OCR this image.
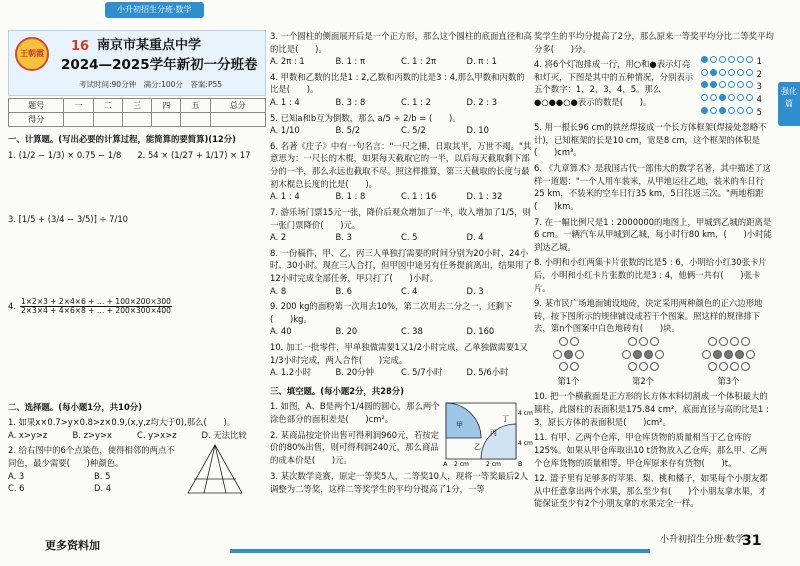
小升初招生分班·数学
王朝霞	16 南京市某重点中学
2024—2025学年新初一分班卷
考试时间:90分钟　满分:100分　答案:P55
题号	一	二	三	四	五	总分
得分						
一、计算题。(写出必要的计算过程，能简算的要简算)(12分)
1. (1/2 − 1/3) × 0.75 − 1/8 2. 54 × (1/27 + 1/17) × 17
3. [1/5 + (3/4 − 3/5)] ÷ 7/10
4. $\frac{1\times 2\times 3 + 2\times 4\times 6 + \dots + 100\times 200\times 300}{2\times 3\times 4 + 4\times 6\times 8 + \dots + 200\times 300\times 400}$
二、选择题。(每小题1分，共10分)
1. 如果x×0.7>y×0.8>z×0.9,(x,y,z均大于0),那么(　　)。
A. x>y>z	B. z>y>x	C. y>x>z	D. 无法比较
2. 给右图中的6个点染色，使得相邻的两点不同色，最少需要(　　)种颜色。
A. 3	B. 5
C. 6	D. 4
3. 一个圆柱的侧面展开后是一个正方形，那么这个圆柱的底面直径和高的比是(　　)。
A. 2π : 1	B. 1 : π	C. 1 : 2π	D. π : 1
4. 甲数和乙数的比是1 : 2,乙数和丙数的比是3 : 4,那么甲数和丙数的比是(　　)。
A. 1 : 4	B. 3 : 8	C. 1 : 2	D. 2 : 3
5. 已知a和b互为倒数，那么 a/5 ÷ 2/b = (　　)。
A. 1/10	B. 5/2	C. 5/2	D. 10
6. 名著《庄子》中有一句名言："一尺之棰，日取其半，万世不竭。"其意思为：一尺长的木棍，如果每天截取它的一半，以后每天截取剩下部分的一半，那么永远也截取不尽。照这样推算，第三天截取的长度与最初木棍总长度的比是(　　)。
A. 1 : 4	B. 1 : 8	C. 1 : 16	D. 1 : 32
7. 游乐场门票15元一张，降价后观众增加了一半，收入增加了1/5，则一张门票降价(　　)元。
A. 2	B. 3	C. 5	D. 4
8. 一份稿件，甲、乙、丙三人单独打需要的时间分别为20小时、24小时、30小时。现在三人合打，但甲因中途另有任务提前离出，结果用了12小时完成全部任务，甲只打了(　　)小时。
A. 8	B. 6	C. 4	D. 3
9. 200 kg的面粉第一次用去10%，第二次用去二分之一，还剩下(　　)kg。
A. 40	B. 20	C. 38	D. 160
10. 加工一批零件，甲单独做需要1又1/2小时完成，乙单独做需要1又1/3小时完成，两人合作(　　)完成。
A. 1.2小时	B. 20分钟	C. 5/7小时	D. 5/6小时
三、填空题。(每小题2分，共28分)
1. 如图，A、B是两个1/4圆的圆心，那么两个涂色部分的面积差是(　　)cm²。
2. 某商品按定价出售可得利润960元，若按定价的80%出售，则可得利润240元，那么商品的成本价是(　　)元。
甲
乙
丙
丁
A	B
2 cm	2 cm
4 cm
4 cm
3. 某次数学竞赛，原定一等奖5人，二等奖10人，现将一等奖最后2人调整为二等奖，这样二等奖学生的平均分提高了1分，一等
奖学生的平均分提高了2分，那么原来一等奖平均分比二等奖平均分多(　　)分。
4. 将6个灯泡排成一行，用○和●表示灯亮和灯灭，下图是其中的五种情况，分别表示五个数字：1，2，3，4，5。那么●○●●○●表示的数是(　　)。
1
2
3
4
5
5. 用一根长96 cm的铁丝焊接成一个长方体框架(焊接处忽略不计)，已知框架的长是10 cm，宽是8 cm，这个框架的体积是(　　)cm³。
6. 《九章算术》是我国古代一部伟大的数学名著，其中描述了这样一道题："一个人用车装米，从甲地运往乙地，装米的车日行25 km，不装米的空车日行35 km，5日往返三次。"两地相距(　　)km。
7. 在一幅比例尺是1 : 2000000的地图上，甲城到乙城的距离是6 cm。一辆汽车从甲城到乙城，每小时行80 km，(　　)小时能到达乙城。
8. 小明和小红两集卡片张数的比是5 : 6，小明给小红30张卡片后，小明和小红卡片张数的比是3 : 4，他俩一共有(　　)张卡片。
9. 某市民广场地面铺设地砖，决定采用两种颜色的正六边形地砖，按下图所示的规律铺设成若干个图案。照这样的规律排下去，第n个图案中白色地砖有(　　)块。
第1个	第2个	第3个
10. 把一个横截面是正方形的长方体木料切割成一个体积最大的圆柱，此圆柱的表面积是175.84 cm²，底面直径与高的比是1 : 3，原长方体的表面积是(　　)cm²。
11. 有甲、乙两个仓库，甲仓库货物的质量相当于乙仓库的125%。如果从甲仓库取出10 t货物放入乙仓库，那么甲、乙两个仓库货物的质量相等。甲仓库原来存有货物(　　)t。
12. 篮子里有足够多的苹果、梨、桃和橘子，如果每个小朋友都从中任意拿出两个水果，那么至少有(　　)个小朋友拿水果，才能保证至少有2个小朋友拿的水果完全一样。
强化篇
更多资料加	小升初招生分班·数学
31
